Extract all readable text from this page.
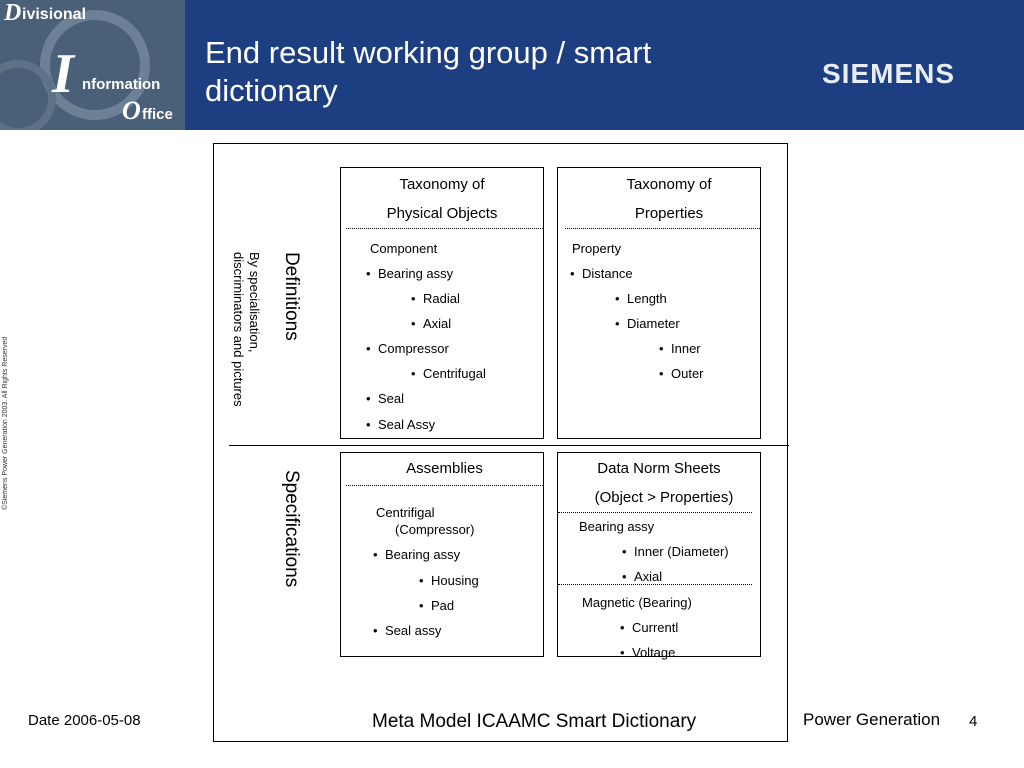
D ivisional
I nformation
O ffice
End result working group / smart dictionary	SIEMENS
©Siemens Power Generation 2003. All Rights Reserved
Definitions
By specialisation,
discriminators and pictures
Specifications
Taxonomy of
Physical Objects
Component
• Bearing assy
• Radial
• Axial
• Compressor
• Centrifugal
• Seal
• Seal Assy
Taxonomy of
Properties
Property
• Distance
• Length
• Diameter
• Inner
• Outer
Assemblies
Centrifigal
(Compressor)
• Bearing assy
• Housing
• Pad
• Seal assy
Data Norm Sheets
(Object > Properties)
Bearing assy
• Inner (Diameter)
• Axial
Magnetic (Bearing)
• Currentl
• Voltage
Date 2006-05-08	Meta Model ICAAMC Smart Dictionary	Power Generation 4
